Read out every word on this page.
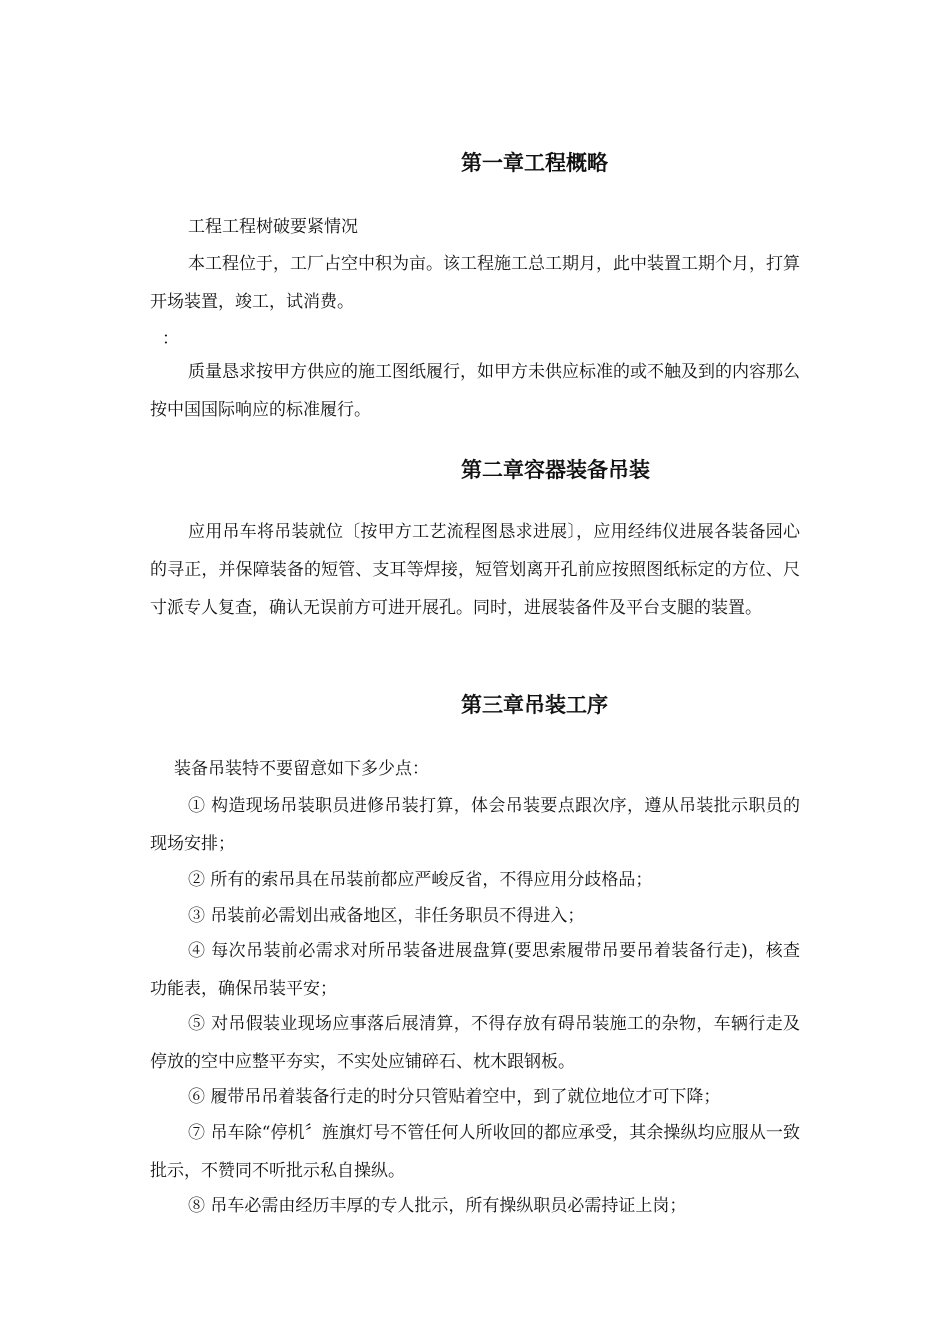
第一章工程概略

工程工程树破要紧情况

本工程位于，工厂占空中积为亩。该工程施工总工期月，此中装置工期个月，打算开场装置，竣工，试消费。

：

质量恳求按甲方供应的施工图纸履行，如甲方未供应标准的或不触及到的内容那么按中国国际响应的标准履行。

第二章容器装备吊装

应用吊车将吊装就位〔按甲方工艺流程图恳求进展〕，应用经纬仪进展各装备园心的寻正，并保障装备的短管、支耳等焊接，短管划离开孔前应按照图纸标定的方位、尺寸派专人复查，确认无误前方可进开展孔。同时，进展装备件及平台支腿的装置。

第三章吊装工序

装备吊装特不要留意如下多少点：

① 构造现场吊装职员进修吊装打算，体会吊装要点跟次序，遵从吊装批示职员的现场安排；

② 所有的索吊具在吊装前都应严峻反省，不得应用分歧格品；

③ 吊装前必需划出戒备地区，非任务职员不得进入；

④ 每次吊装前必需求对所吊装备进展盘算(要思索履带吊要吊着装备行走)，核查功能表，确保吊装平安；

⑤ 对吊假装业现场应事落后展清算，不得存放有碍吊装施工的杂物，车辆行走及停放的空中应整平夯实，不实处应铺碎石、枕木跟钢板。

⑥ 履带吊吊着装备行走的时分只管贴着空中，到了就位地位才可下降；

⑦ 吊车除“停机〞旌旗灯号不管任何人所收回的都应承受，其余操纵均应服从一致批示，不赞同不听批示私自操纵。

⑧ 吊车必需由经历丰厚的专人批示，所有操纵职员必需持证上岗；
